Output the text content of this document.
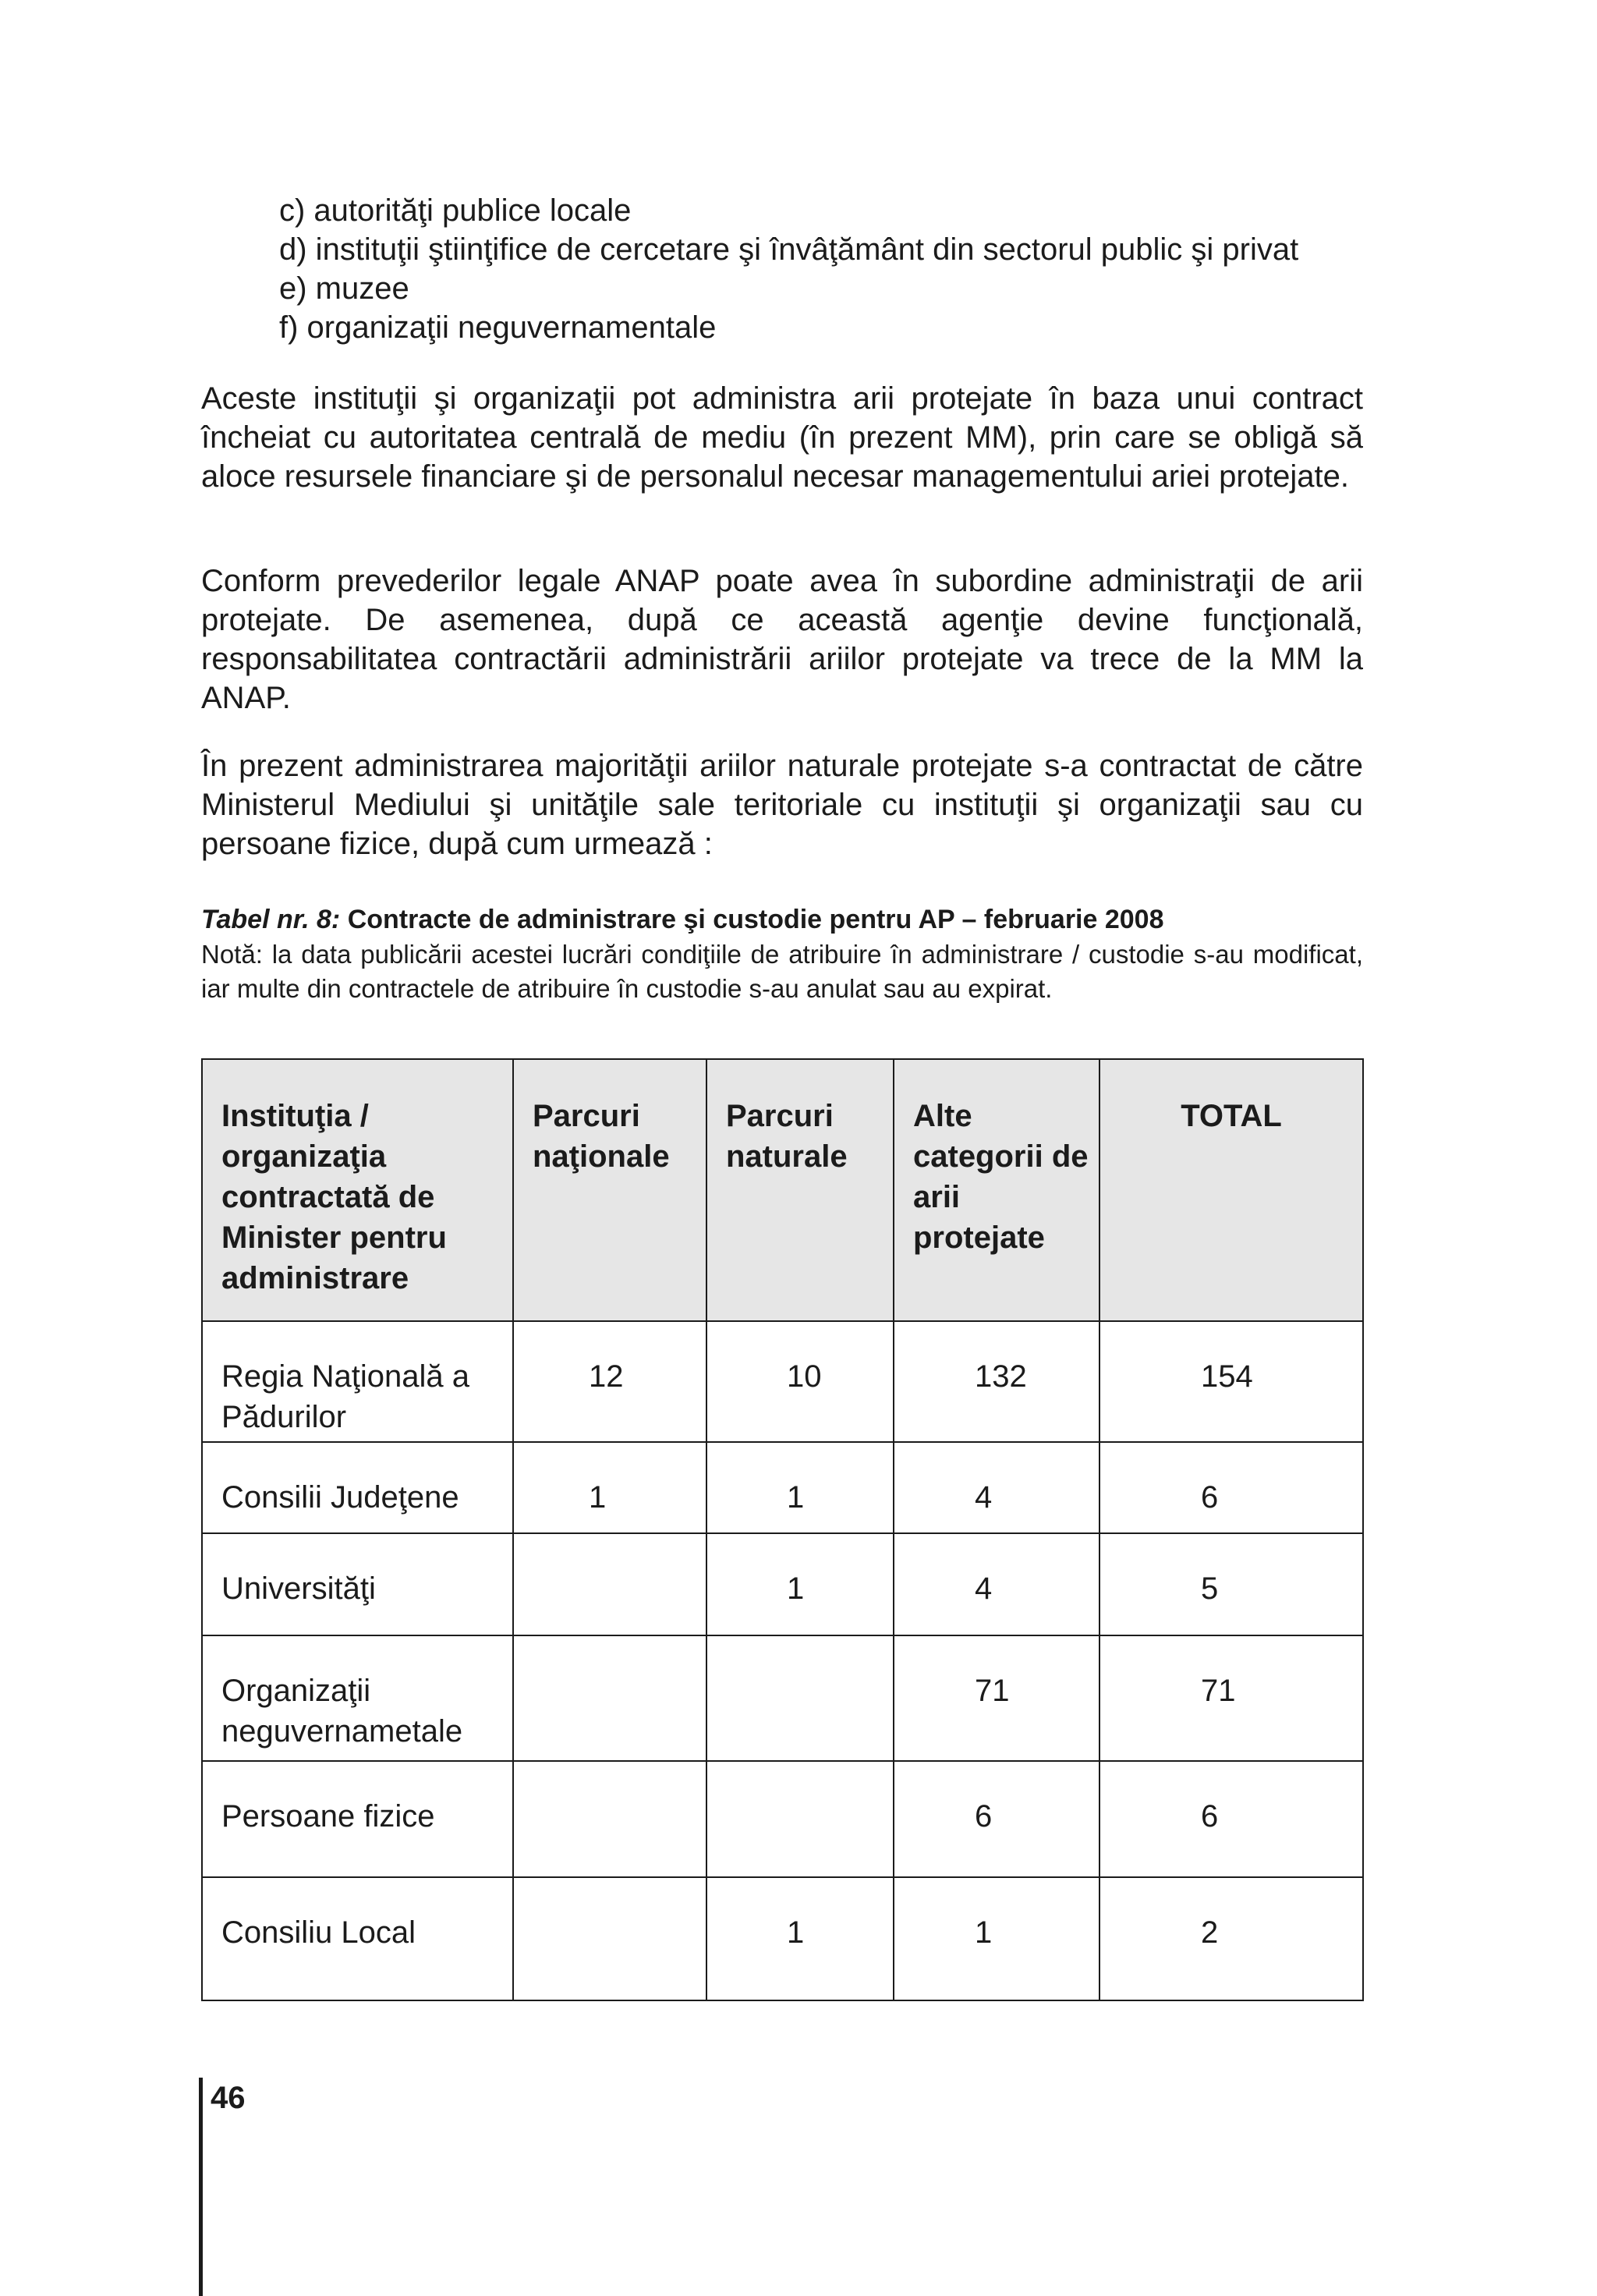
c) autorităţi publice locale
d) instituţii ştiinţifice de cercetare şi învâţământ din sectorul public şi privat
e) muzee
f) organizaţii neguvernamentale

Aceste instituţii şi organizaţii pot administra arii protejate în baza unui contract încheiat cu autoritatea centrală de mediu (în prezent MM), prin care se obligă să aloce resursele financiare şi de personalul necesar managementului ariei protejate.

Conform prevederilor legale ANAP poate avea în subordine administraţii de arii protejate. De asemenea, după ce această agenţie devine funcţională, responsabilitatea contractării administrării ariilor protejate va trece de la MM la ANAP.

În prezent administrarea majorităţii ariilor naturale protejate s-a contractat de către Ministerul Mediului şi unităţile sale teritoriale cu instituţii şi organizaţii sau cu persoane fizice, după cum urmează :

Tabel nr. 8: Contracte de administrare şi custodie pentru AP – februarie 2008

Notă: la data publicării acestei lucrări condiţiile de atribuire în administrare / custodie s-au modificat, iar multe din contractele de atribuire în custodie s-au anulat sau au expirat.

Instituţia / organizaţia contractată de Minister pentru administrare	Parcuri naţionale	Parcuri naturale	Alte categorii de arii protejate	TOTAL
Regia Naţională a Pădurilor	12	10	132	154
Consilii Judeţene	1	1	4	6
Universităţi		1	4	5
Organizaţii neguvernametale			71	71
Persoane fizice			6	6
Consiliu Local		1	1	2
46
